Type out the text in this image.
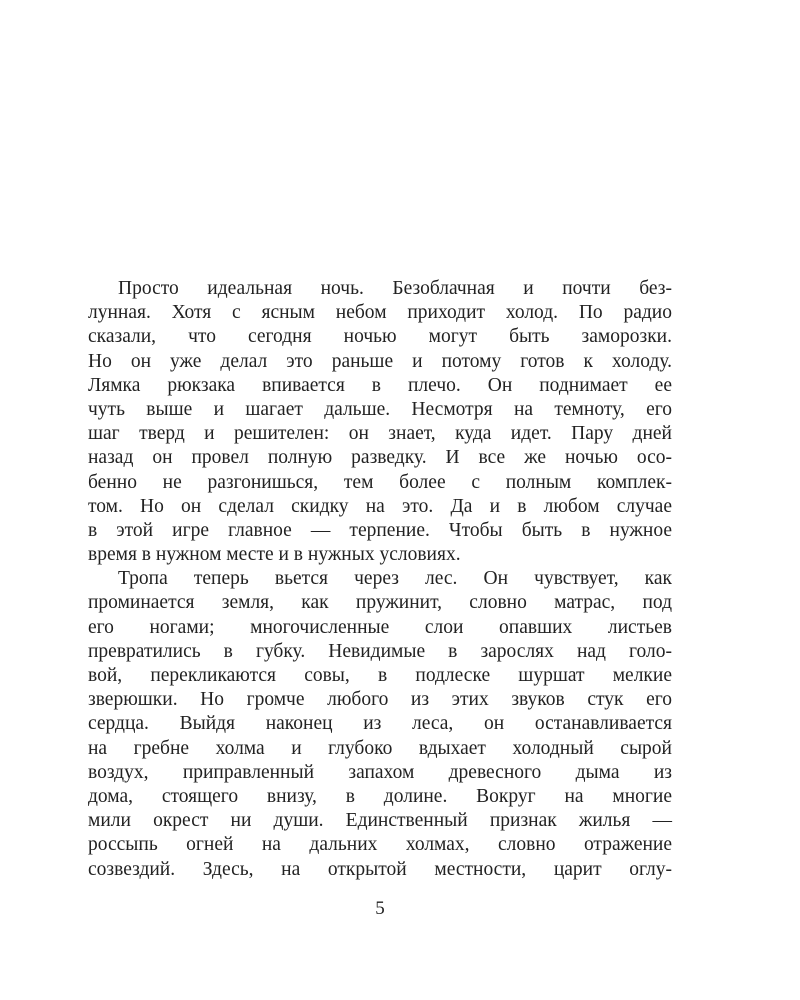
Просто идеальная ночь. Безоблачная и почти без-
лунная. Хотя с ясным небом приходит холод. По радио
сказали, что сегодня ночью могут быть заморозки.
Но он уже делал это раньше и потому готов к холоду.
Лямка рюкзака впивается в плечо. Он поднимает ее
чуть выше и шагает дальше. Несмотря на темноту, его
шаг тверд и решителен: он знает, куда идет. Пару дней
назад он провел полную разведку. И все же ночью осо-
бенно не разгонишься, тем более с полным комплек-
том. Но он сделал скидку на это. Да и в любом случае
в этой игре главное — терпение. Чтобы быть в нужное
время в нужном месте и в нужных условиях.
Тропа теперь вьется через лес. Он чувствует, как
проминается земля, как пружинит, словно матрас, под
его ногами; многочисленные слои опавших листьев
превратились в губку. Невидимые в зарослях над голо-
вой, перекликаются совы, в подлеске шуршат мелкие
зверюшки. Но громче любого из этих звуков стук его
сердца. Выйдя наконец из леса, он останавливается
на гребне холма и глубоко вдыхает холодный сырой
воздух, приправленный запахом древесного дыма из
дома, стоящего внизу, в долине. Вокруг на многие
мили окрест ни души. Единственный признак жилья —
россыпь огней на дальних холмах, словно отражение
созвездий. Здесь, на открытой местности, царит оглу-
5
